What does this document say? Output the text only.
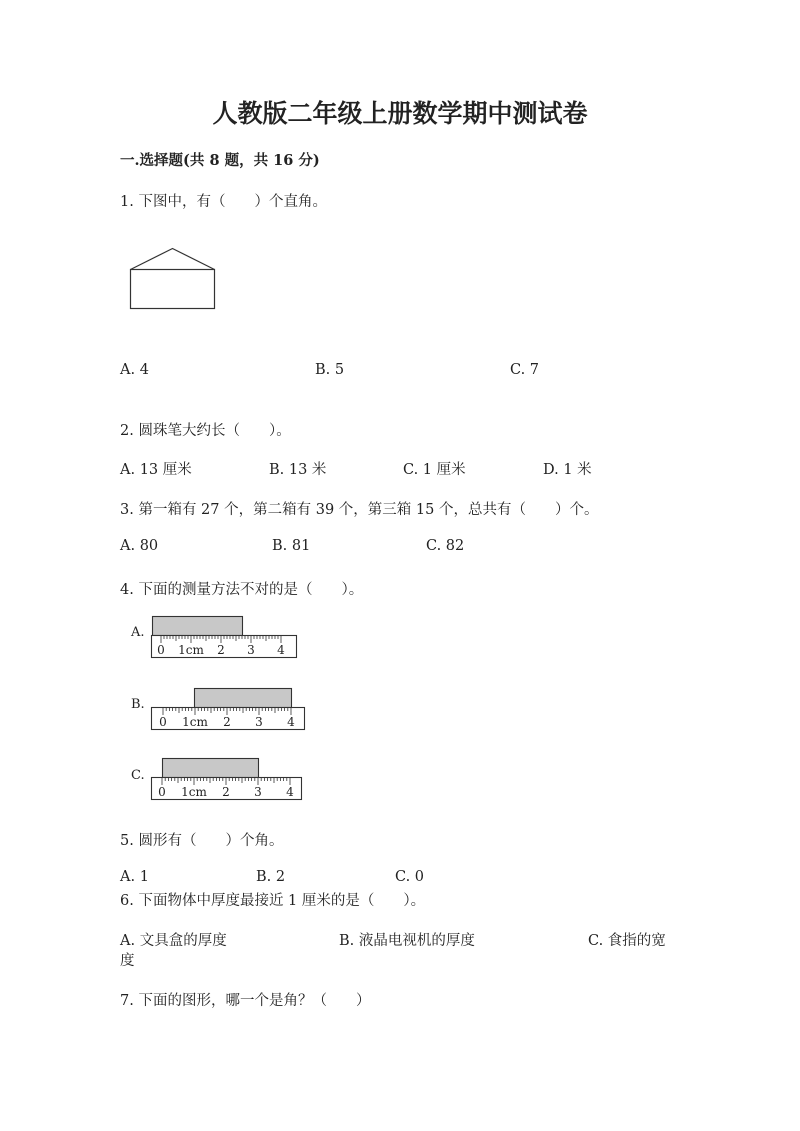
人教版二年级上册数学期中测试卷
一.选择题(共 8 题，共 16 分)
1. 下图中，有（　　）个直角。
A. 4	B. 5	C. 7
2. 圆珠笔大约长（　　）。
A. 13 厘米	B. 13 米	C. 1 厘米	D. 1 米
3. 第一箱有 27 个，第二箱有 39 个，第三箱 15 个，总共有（　　）个。
A. 80	B. 81	C. 82
4. 下面的测量方法不对的是（　　）。
A.
0 1cm 2 3 4
B.
0 1cm 2 3 4
C.
0 1cm 2 3 4
5. 圆形有（　　）个角。
A. 1	B. 2	C. 0
6. 下面物体中厚度最接近 1 厘米的是（　　）。
A. 文具盒的厚度	B. 液晶电视机的厚度	C. 食指的宽
度
7. 下面的图形，哪一个是角？（　　）
